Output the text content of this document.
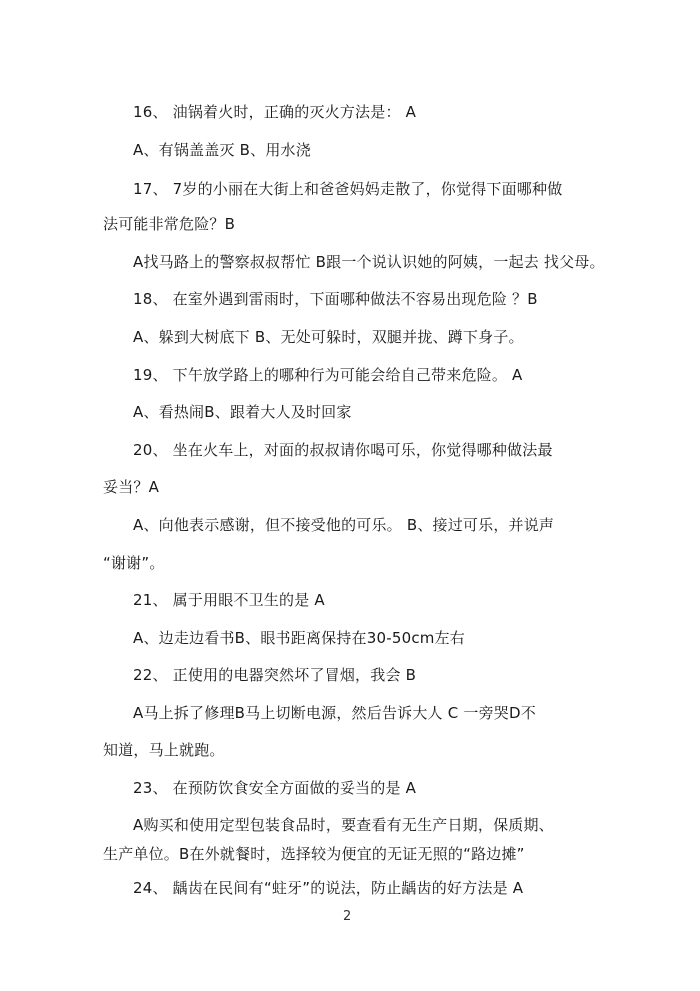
16、 油锅着火时，正确的灭火方法是： A
A、有锅盖盖灭 B、用水浇
17、 7岁的小丽在大街上和爸爸妈妈走散了，你觉得下面哪种做
法可能非常危险？B
A找马路上的警察叔叔帮忙 B跟一个说认识她的阿姨，一起去 找父母。
18、 在室外遇到雷雨时，下面哪种做法不容易出现危险 ？B
A、躲到大树底下 B、无处可躲时，双腿并拢、蹲下身子。
19、 下午放学路上的哪种行为可能会给自己带来危险。 A
A、看热闹B、跟着大人及时回家
20、 坐在火车上，对面的叔叔请你喝可乐，你觉得哪种做法最
妥当？A
A、向他表示感谢，但不接受他的可乐。 B、接过可乐，并说声
“谢谢”。
21、 属于用眼不卫生的是 A
A、边走边看书B、眼书距离保持在30-50cm左右
22、 正使用的电器突然坏了冒烟，我会 B
A马上拆了修理B马上切断电源，然后告诉大人 C 一旁哭D不
知道，马上就跑。
23、 在预防饮食安全方面做的妥当的是 A
A购买和使用定型包装食品时，要查看有无生产日期，保质期、
生产单位。B在外就餐时，选择较为便宜的无证无照的“路边摊”
24、 龋齿在民间有“蛀牙”的说法，防止龋齿的好方法是 A
2
